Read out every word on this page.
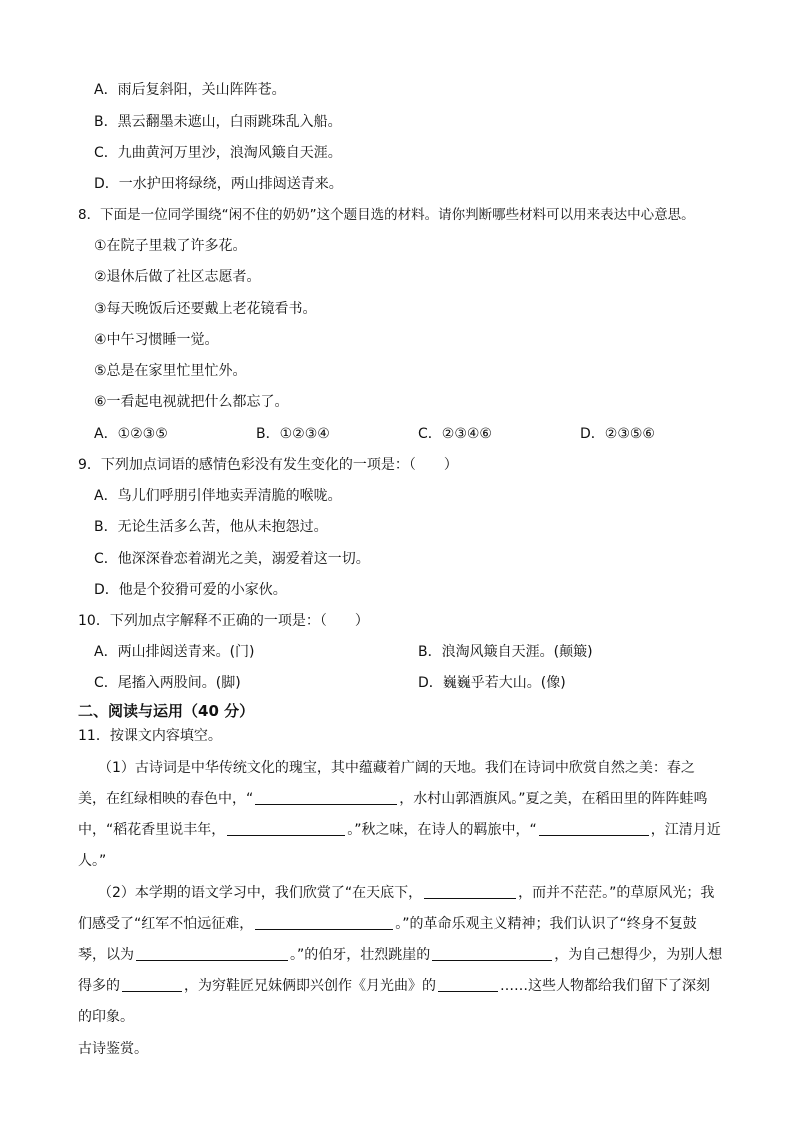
A．雨后复斜阳，关山阵阵苍。
B．黑云翻墨未遮山，白雨跳珠乱入船。
C．九曲黄河万里沙，浪淘风簸自天涯。
D．一水护田将绿绕，两山排闼送青来。
8．下面是一位同学围绕“闲不住的奶奶”这个题目选的材料。请你判断哪些材料可以用来表达中心意思。
①在院子里栽了许多花。
②退休后做了社区志愿者。
③每天晚饭后还要戴上老花镜看书。
④中午习惯睡一觉。
⑤总是在家里忙里忙外。
⑥一看起电视就把什么都忘了。
A．①②③⑤	B．①②③④	C．②③④⑥	D．②③⑤⑥
9．下列加点词语的感情色彩没有发生变化的一项是：（　　）
A．鸟儿们呼朋引伴地卖弄清脆的喉咙。
B．无论生活多么苦，他从未抱怨过。
C．他深深眷恋着湖光之美，溺爱着这一切。
D．他是个狡猾可爱的小家伙。
10．下列加点字解释不正确的一项是：（　　）
A．两山排闼送青来。(门)	B．浪淘风簸自天涯。(颠簸)
C．尾搐入两股间。(脚)	D．巍巍乎若大山。(像)
二、阅读与运用（40 分）
11．按课文内容填空。
（1）古诗词是中华传统文化的瑰宝，其中蕴藏着广阔的天地。我们在诗词中欣赏自然之美：春之
美，在红绿相映的春色中，“	，水村山郭酒旗风。”夏之美，在稻田里的阵阵蛙鸣
中，“稻花香里说丰年，	。”秋之味，在诗人的羁旅中，“	，江清月近
人。”
（2）本学期的语文学习中，我们欣赏了“在天底下，	，而并不茫茫。”的草原风光；我
们感受了“红军不怕远征难，	。”的革命乐观主义精神；我们认识了“终身不复鼓
琴，以为	。”的伯牙，壮烈跳崖的	，为自己想得少，为别人想
得多的	，为穷鞋匠兄妹俩即兴创作《月光曲》的	……这些人物都给我们留下了深刻
的印象。
古诗鉴赏。
